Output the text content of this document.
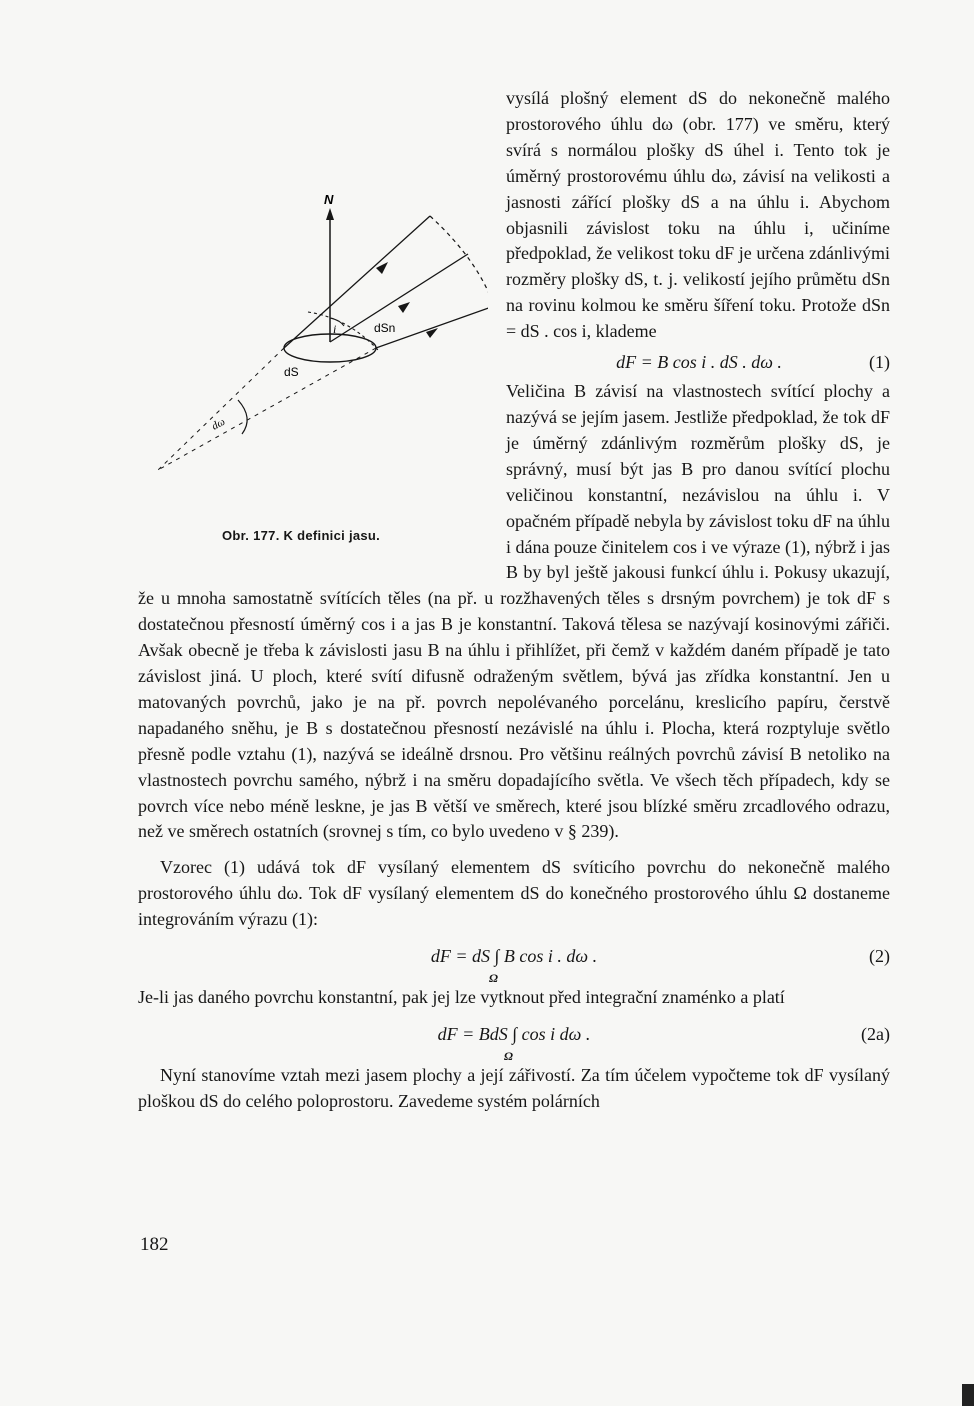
N
i	dSn
dS
dω
Obr. 177. K definici jasu.

vysílá plošný element dS do nekonečně malého prostorového úhlu dω (obr. 177) ve směru, který svírá s normálou plošky dS úhel i. Tento tok je úměrný prostorovému úhlu dω, závisí na velikosti a jasnosti zářící plošky dS a na úhlu i. Abychom objasnili závislost toku na úhlu i, učiníme předpoklad, že velikost toku dF je určena zdánlivými rozměry plošky dS, t. j. velikostí jejího průmětu dSn na rovinu kolmou ke směru šíření toku. Protože dSn = dS . cos i, klademe

dF = B cos i . dS . dω .	(1)

Veličina B závisí na vlastnostech svítící plochy a nazývá se jejím jasem. Jestliže předpoklad, že tok dF je úměrný zdánlivým rozměrům plošky dS, je správný, musí být jas B pro danou svítící plochu veličinou konstantní, nezávislou na úhlu i. V opačném případě nebyla by závislost toku dF na úhlu i dána pouze činitelem cos i ve výraze (1), nýbrž i jas B by byl ještě jakousi funkcí úhlu i. Pokusy ukazují, že u mnoha samostatně svítících těles (na př. u rozžhavených těles s drsným povrchem) je tok dF s dostatečnou přesností úměrný cos i a jas B je konstantní. Taková tělesa se nazývají kosinovými zářiči. Avšak obecně je třeba k závislosti jasu B na úhlu i přihlížet, při čemž v každém daném případě je tato závislost jiná. U ploch, které svítí difusně odraženým světlem, bývá jas zřídka konstantní. Jen u matovaných povrchů, jako je na př. povrch nepolévaného porcelánu, kreslicího papíru, čerstvě napadaného sněhu, je B s dostatečnou přesností nezávislé na úhlu i. Plocha, která rozptyluje světlo přesně podle vztahu (1), nazývá se ideálně drsnou. Pro většinu reálných povrchů závisí B netoliko na vlastnostech povrchu samého, nýbrž i na směru dopadajícího světla. Ve všech těch případech, kdy se povrch více nebo méně leskne, je jas B větší ve směrech, které jsou blízké směru zrcadlového odrazu, než ve směrech ostatních (srovnej s tím, co bylo uvedeno v § 239).

Vzorec (1) udává tok dF vysílaný elementem dS svíticího povrchu do nekonečně malého prostorového úhlu dω. Tok dF vysílaný elementem dS do konečného prostorového úhlu Ω dostaneme integrováním výrazu (1):

dF = dS ∫ B cos i . dω .
Ω
(2)

Je-li jas daného povrchu konstantní, pak jej lze vytknout před integrační znaménko a platí

dF = BdS ∫ cos i dω .
Ω
(2a)

Nyní stanovíme vztah mezi jasem plochy a její zářivostí. Za tím účelem vypočteme tok dF vysílaný ploškou dS do celého poloprostoru. Zavedeme systém polárních

182
